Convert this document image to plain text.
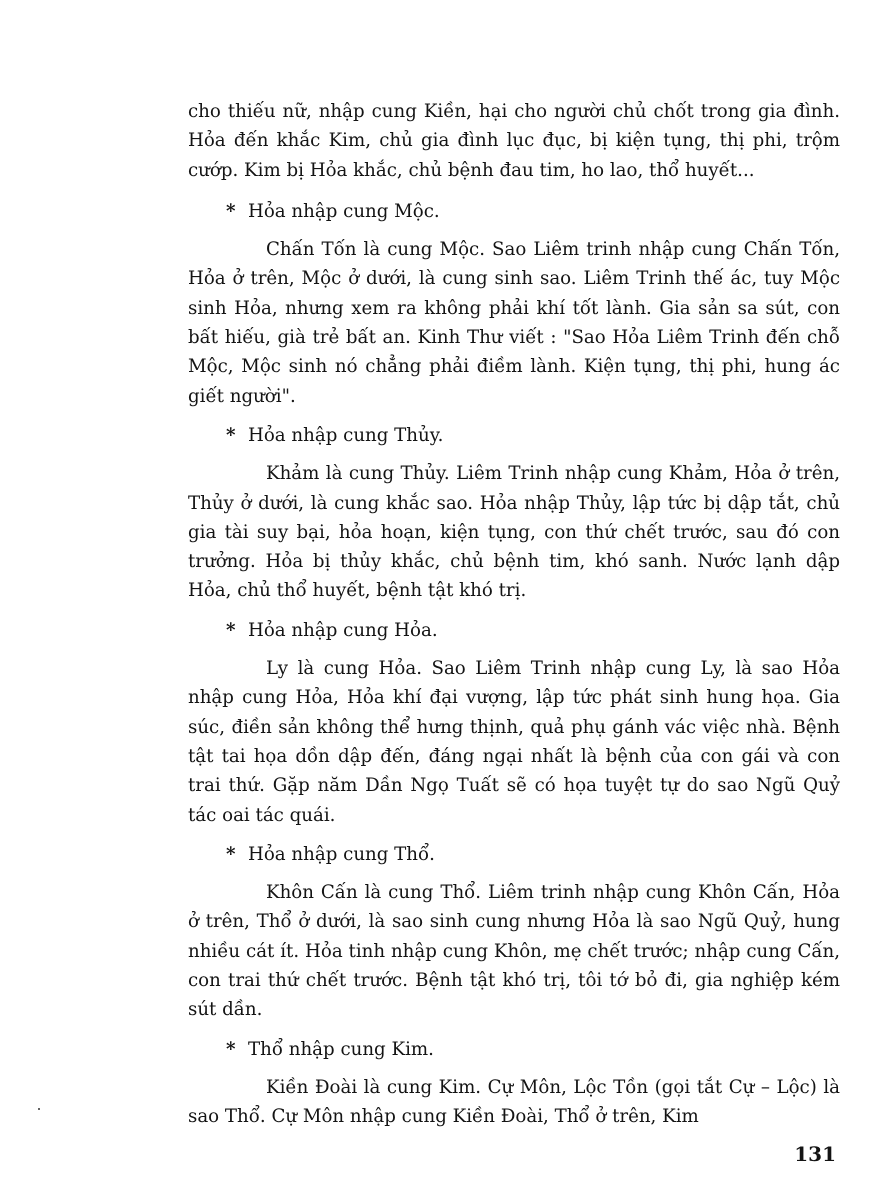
cho thiếu nữ, nhập cung Kiền, hại cho người chủ chốt trong gia đình. Hỏa đến khắc Kim, chủ gia đình lục đục, bị kiện tụng, thị phi, trộm cướp. Kim bị Hỏa khắc, chủ bệnh đau tim, ho lao, thổ huyết...

* Hỏa nhập cung Mộc.

Chấn Tốn là cung Mộc. Sao Liêm trinh nhập cung Chấn Tốn, Hỏa ở trên, Mộc ở dưới, là cung sinh sao. Liêm Trinh thế ác, tuy Mộc sinh Hỏa, nhưng xem ra không phải khí tốt lành. Gia sản sa sút, con bất hiếu, già trẻ bất an. Kinh Thư viết : "Sao Hỏa Liêm Trinh đến chỗ Mộc, Mộc sinh nó chẳng phải điềm lành. Kiện tụng, thị phi, hung ác giết người".

* Hỏa nhập cung Thủy.

Khảm là cung Thủy. Liêm Trinh nhập cung Khảm, Hỏa ở trên, Thủy ở dưới, là cung khắc sao. Hỏa nhập Thủy, lập tức bị dập tắt, chủ gia tài suy bại, hỏa hoạn, kiện tụng, con thứ chết trước, sau đó con trưởng. Hỏa bị thủy khắc, chủ bệnh tim, khó sanh. Nước lạnh dập Hỏa, chủ thổ huyết, bệnh tật khó trị.

* Hỏa nhập cung Hỏa.

Ly là cung Hỏa. Sao Liêm Trinh nhập cung Ly, là sao Hỏa nhập cung Hỏa, Hỏa khí đại vượng, lập tức phát sinh hung họa. Gia súc, điền sản không thể hưng thịnh, quả phụ gánh vác việc nhà. Bệnh tật tai họa dồn dập đến, đáng ngại nhất là bệnh của con gái và con trai thứ. Gặp năm Dần Ngọ Tuất sẽ có họa tuyệt tự do sao Ngũ Quỷ tác oai tác quái.

* Hỏa nhập cung Thổ.

Khôn Cấn là cung Thổ. Liêm trinh nhập cung Khôn Cấn, Hỏa ở trên, Thổ ở dưới, là sao sinh cung nhưng Hỏa là sao Ngũ Quỷ, hung nhiều cát ít. Hỏa tinh nhập cung Khôn, mẹ chết trước; nhập cung Cấn, con trai thứ chết trước. Bệnh tật khó trị, tôi tớ bỏ đi, gia nghiệp kém sút dần.

* Thổ nhập cung Kim.

Kiền Đoài là cung Kim. Cự Môn, Lộc Tồn (gọi tắt Cự – Lộc) là sao Thổ. Cự Môn nhập cung Kiền Đoài, Thổ ở trên, Kim

131
